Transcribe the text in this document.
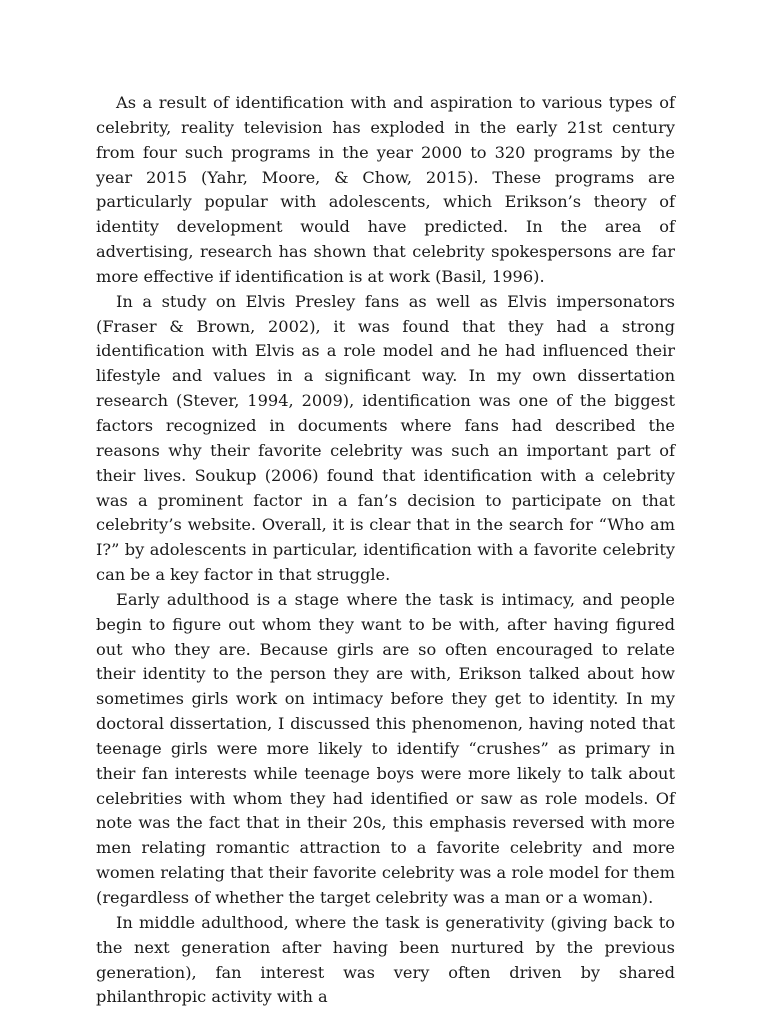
As a result of identification with and aspiration to various types of celebrity, reality television has exploded in the early 21st century from four such programs in the year 2000 to 320 programs by the year 2015 (Yahr, Moore, & Chow, 2015). These programs are particularly popular with adolescents, which Erikson’s theory of identity development would have predicted. In the area of advertising, research has shown that celebrity spokespersons are far more effective if identification is at work (Basil, 1996).

In a study on Elvis Presley fans as well as Elvis impersonators (Fraser & Brown, 2002), it was found that they had a strong identification with Elvis as a role model and he had influenced their lifestyle and values in a significant way. In my own dissertation research (Stever, 1994, 2009), identification was one of the biggest factors recognized in documents where fans had described the reasons why their favorite celebrity was such an important part of their lives. Soukup (2006) found that identification with a celebrity was a prominent factor in a fan’s decision to participate on that celebrity’s website. Overall, it is clear that in the search for “Who am I?” by adolescents in particular, identification with a favorite celebrity can be a key factor in that struggle.

Early adulthood is a stage where the task is intimacy, and people begin to figure out whom they want to be with, after having figured out who they are. Because girls are so often encouraged to relate their identity to the person they are with, Erikson talked about how sometimes girls work on intimacy before they get to identity. In my doctoral dissertation, I discussed this phenomenon, having noted that teenage girls were more likely to identify “crushes” as primary in their fan interests while teenage boys were more likely to talk about celebrities with whom they had identified or saw as role models. Of note was the fact that in their 20s, this emphasis reversed with more men relating romantic attraction to a favorite celebrity and more women relating that their favorite celebrity was a role model for them (regardless of whether the target celebrity was a man or a woman).

In middle adulthood, where the task is generativity (giving back to the next generation after having been nurtured by the previous generation), fan interest was very often driven by shared philanthropic activity with a
